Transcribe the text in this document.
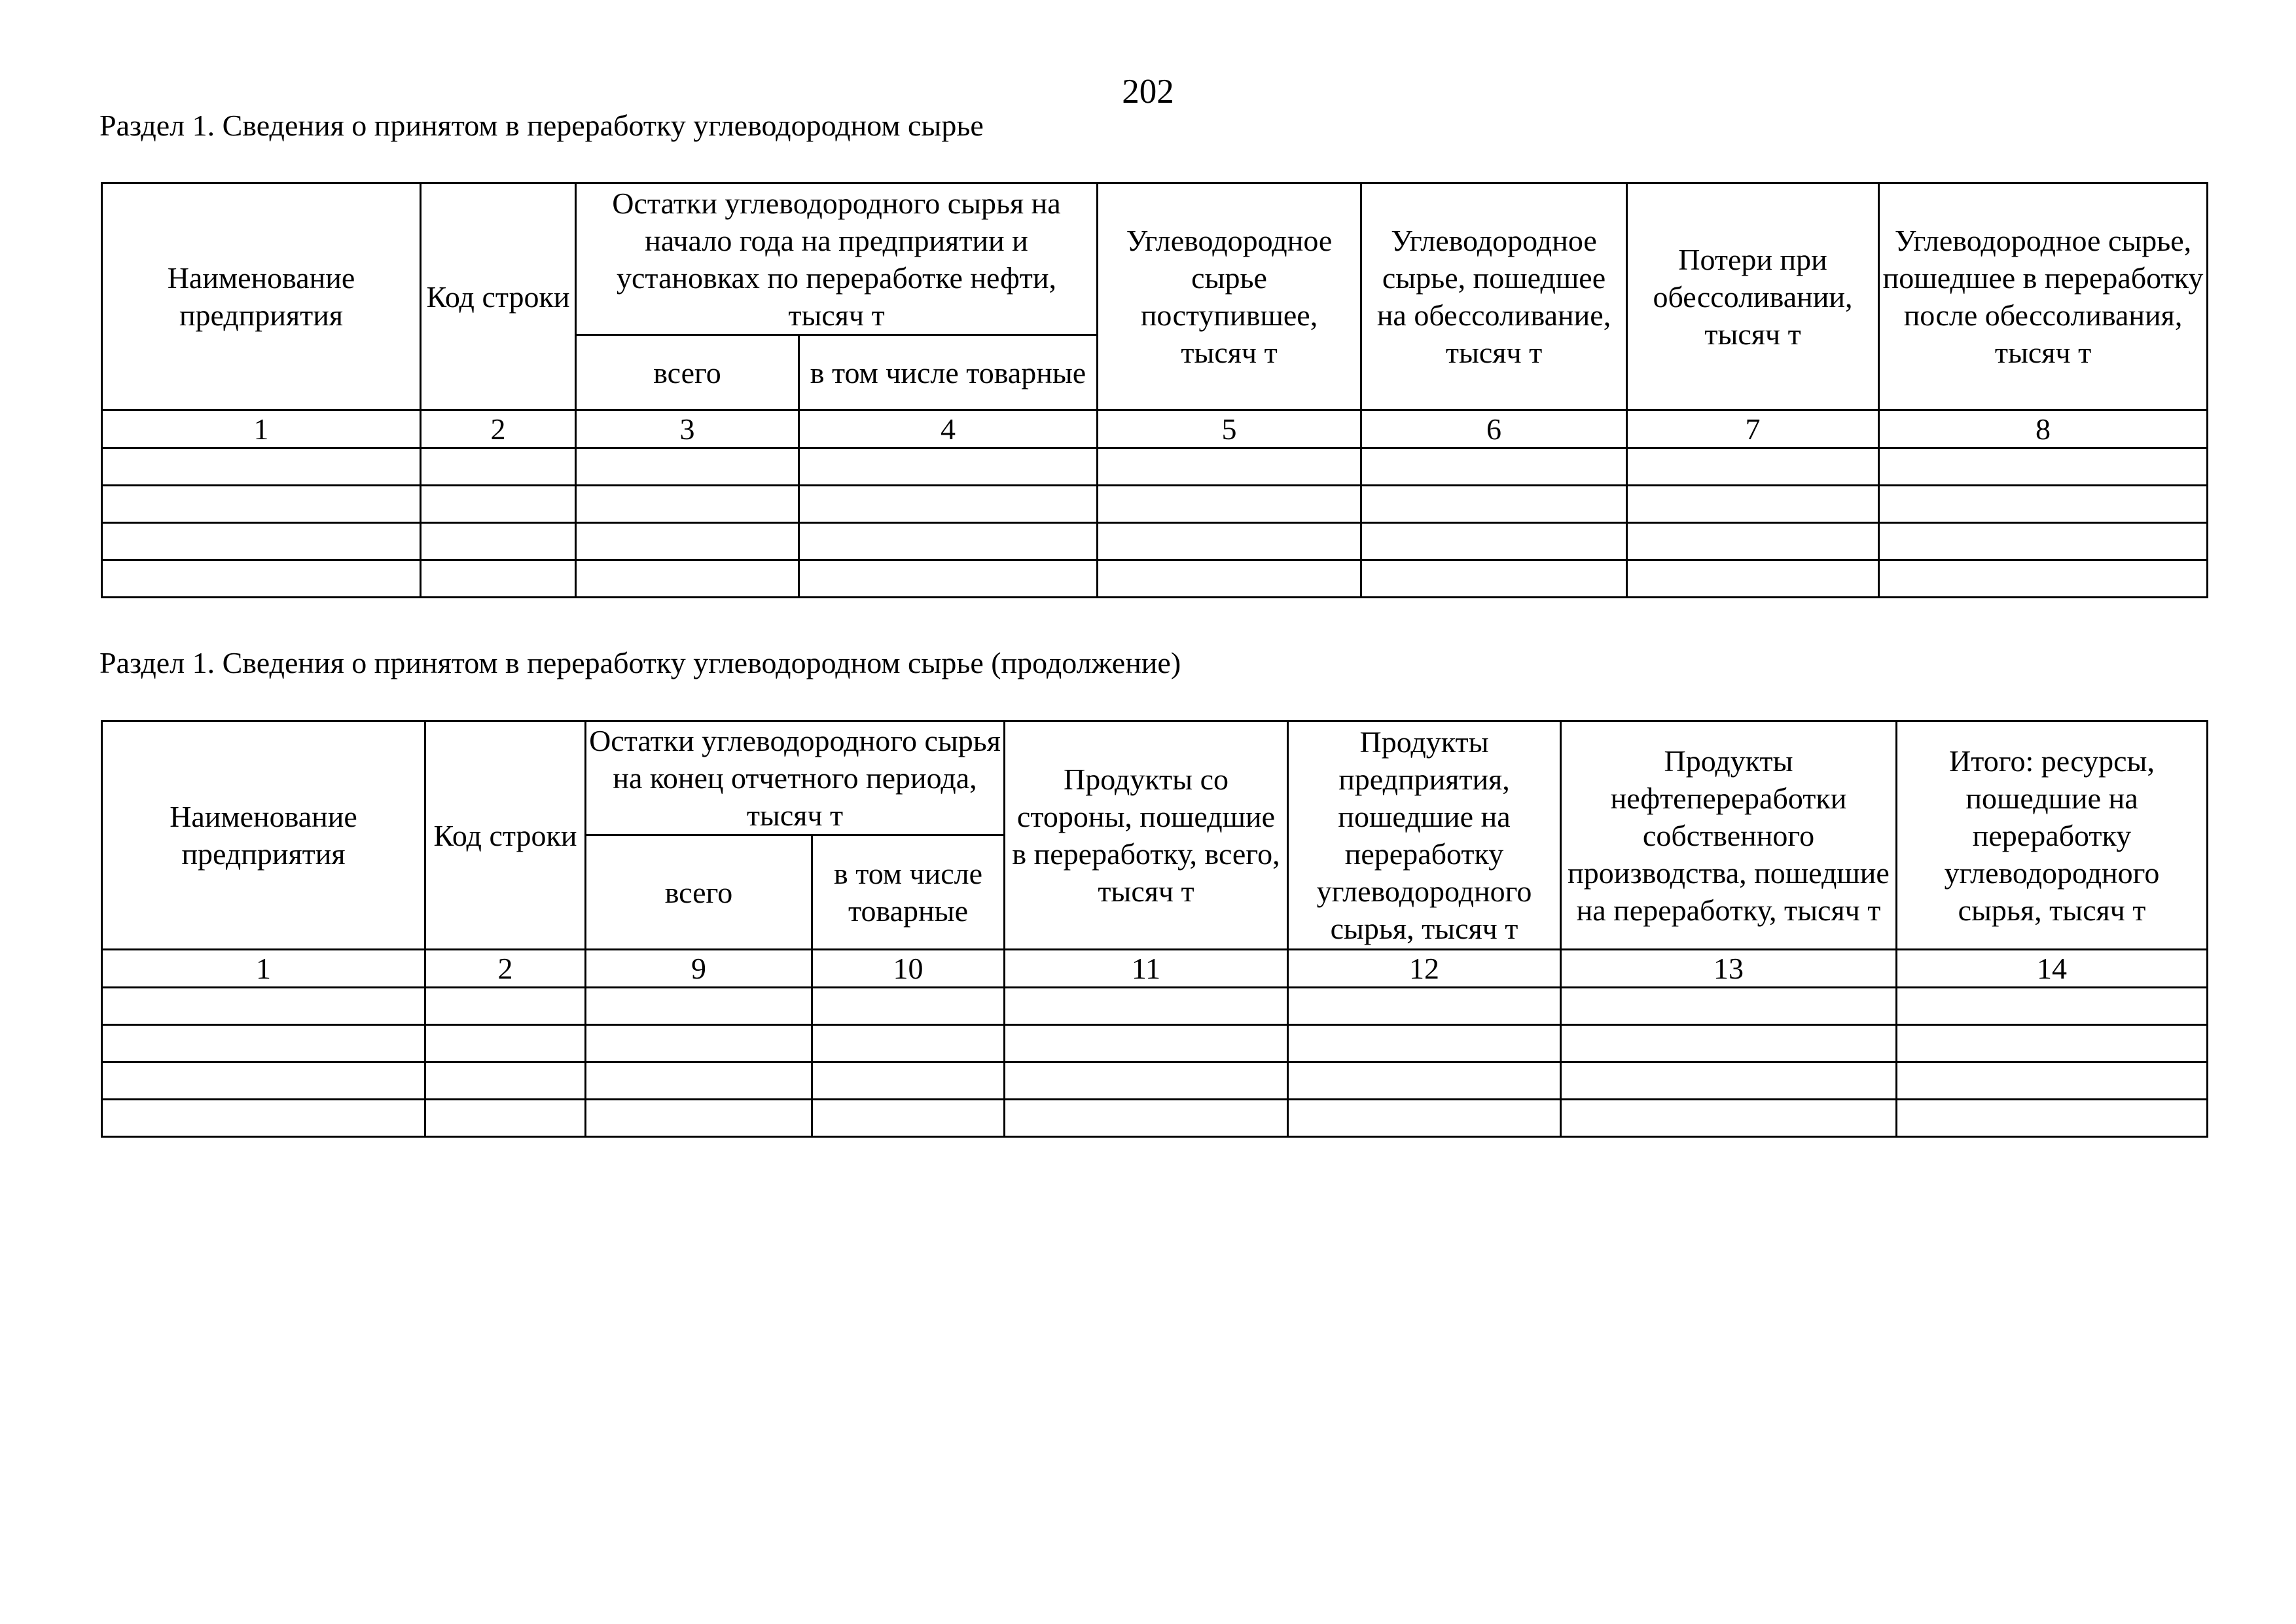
202
Раздел 1. Сведения о принятом в переработку углеводородном сырье
Наименование предприятия	Код строки	Остатки углеводородного сырья на начало года на предприятии и установках по переработке нефти, тысяч т		Углеводородное сырье поступившее, тысяч т	Углеводородное сырье, пошедшее на обессоливание, тысяч т	Потери при обессоливании, тысяч т	Углеводородное сырье, пошедшее в переработку после обессоливания, тысяч т
		всего	в том числе товарные				
1	2	3	4	5	6	7	8

Раздел 1. Сведения о принятом в переработку углеводородном сырье (продолжение)
Наименование предприятия	Код строки	Остатки углеводородного сырья на конец отчетного периода, тысяч т		Продукты со стороны, пошедшие в переработку, всего, тысяч т	Продукты предприятия, пошедшие на переработку углеводородного сырья, тысяч т	Продукты нефтепереработки собственного производства, пошедшие на переработку, тысяч т	Итого: ресурсы, пошедшие на переработку углеводородного сырья, тысяч т
		всего	в том числе товарные				
1	2	9	10	11	12	13	14
